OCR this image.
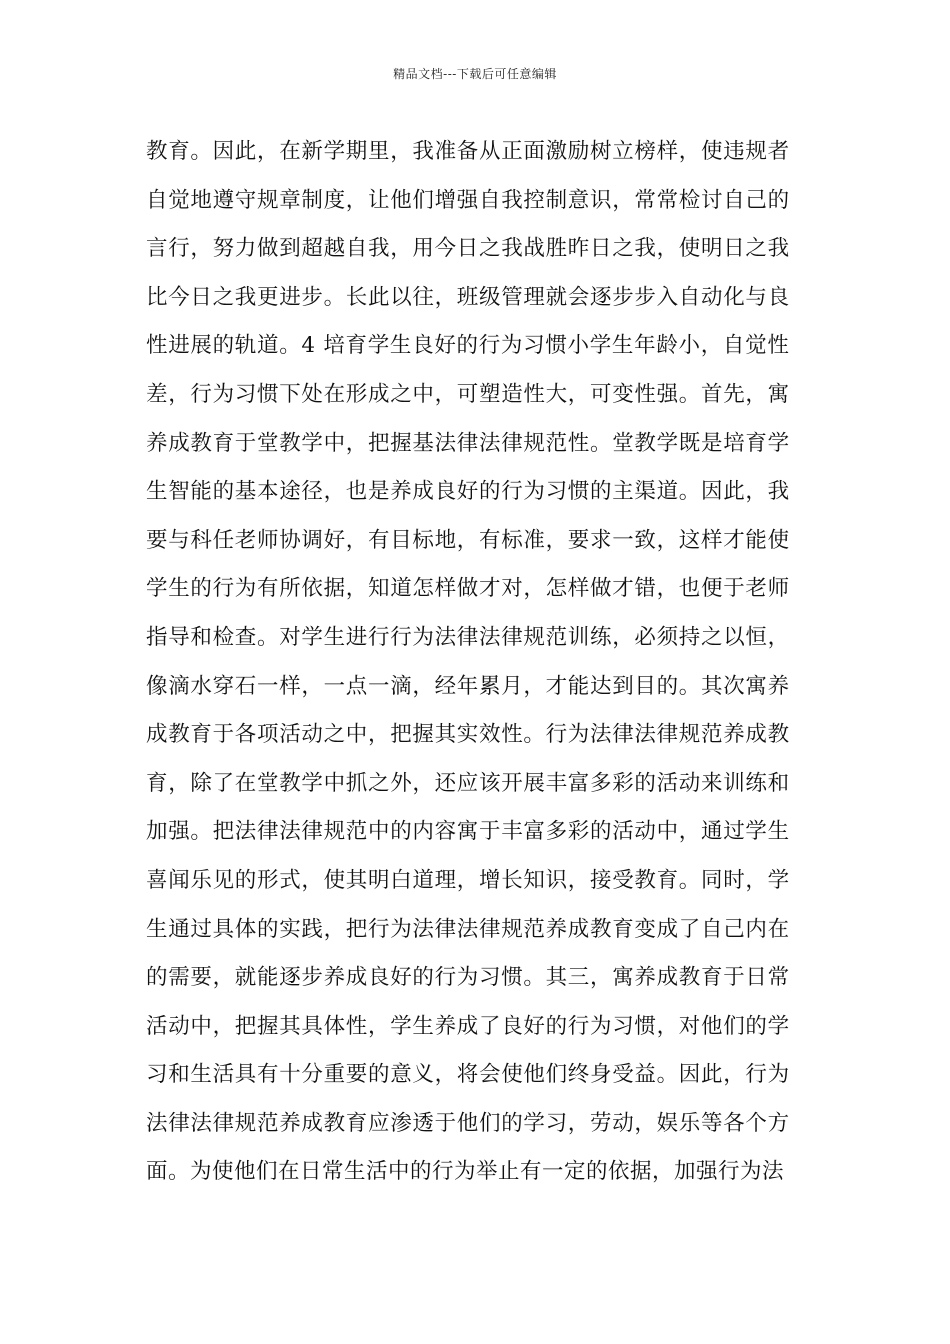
精品文档---下载后可任意编辑
教育。因此，在新学期里，我准备从正面激励树立榜样，使违规者
自觉地遵守规章制度，让他们增强自我控制意识，常常检讨自己的
言行，努力做到超越自我，用今日之我战胜昨日之我，使明日之我
比今日之我更进步。长此以往，班级管理就会逐步步入自动化与良
性进展的轨道。4 培育学生良好的行为习惯小学生年龄小，自觉性
差，行为习惯下处在形成之中，可塑造性大，可变性强。首先，寓
养成教育于堂教学中，把握基法律法律规范性。堂教学既是培育学
生智能的基本途径，也是养成良好的行为习惯的主渠道。因此，我
要与科任老师协调好，有目标地，有标准，要求一致，这样才能使
学生的行为有所依据，知道怎样做才对，怎样做才错，也便于老师
指导和检查。对学生进行行为法律法律规范训练，必须持之以恒，
像滴水穿石一样，一点一滴，经年累月，才能达到目的。其次寓养
成教育于各项活动之中，把握其实效性。行为法律法律规范养成教
育，除了在堂教学中抓之外，还应该开展丰富多彩的活动来训练和
加强。把法律法律规范中的内容寓于丰富多彩的活动中，通过学生
喜闻乐见的形式，使其明白道理，增长知识，接受教育。同时，学
生通过具体的实践，把行为法律法律规范养成教育变成了自己内在
的需要，就能逐步养成良好的行为习惯。其三，寓养成教育于日常
活动中，把握其具体性，学生养成了良好的行为习惯，对他们的学
习和生活具有十分重要的意义，将会使他们终身受益。因此，行为
法律法律规范养成教育应渗透于他们的学习，劳动，娱乐等各个方
面。为使他们在日常生活中的行为举止有一定的依据，加强行为法
